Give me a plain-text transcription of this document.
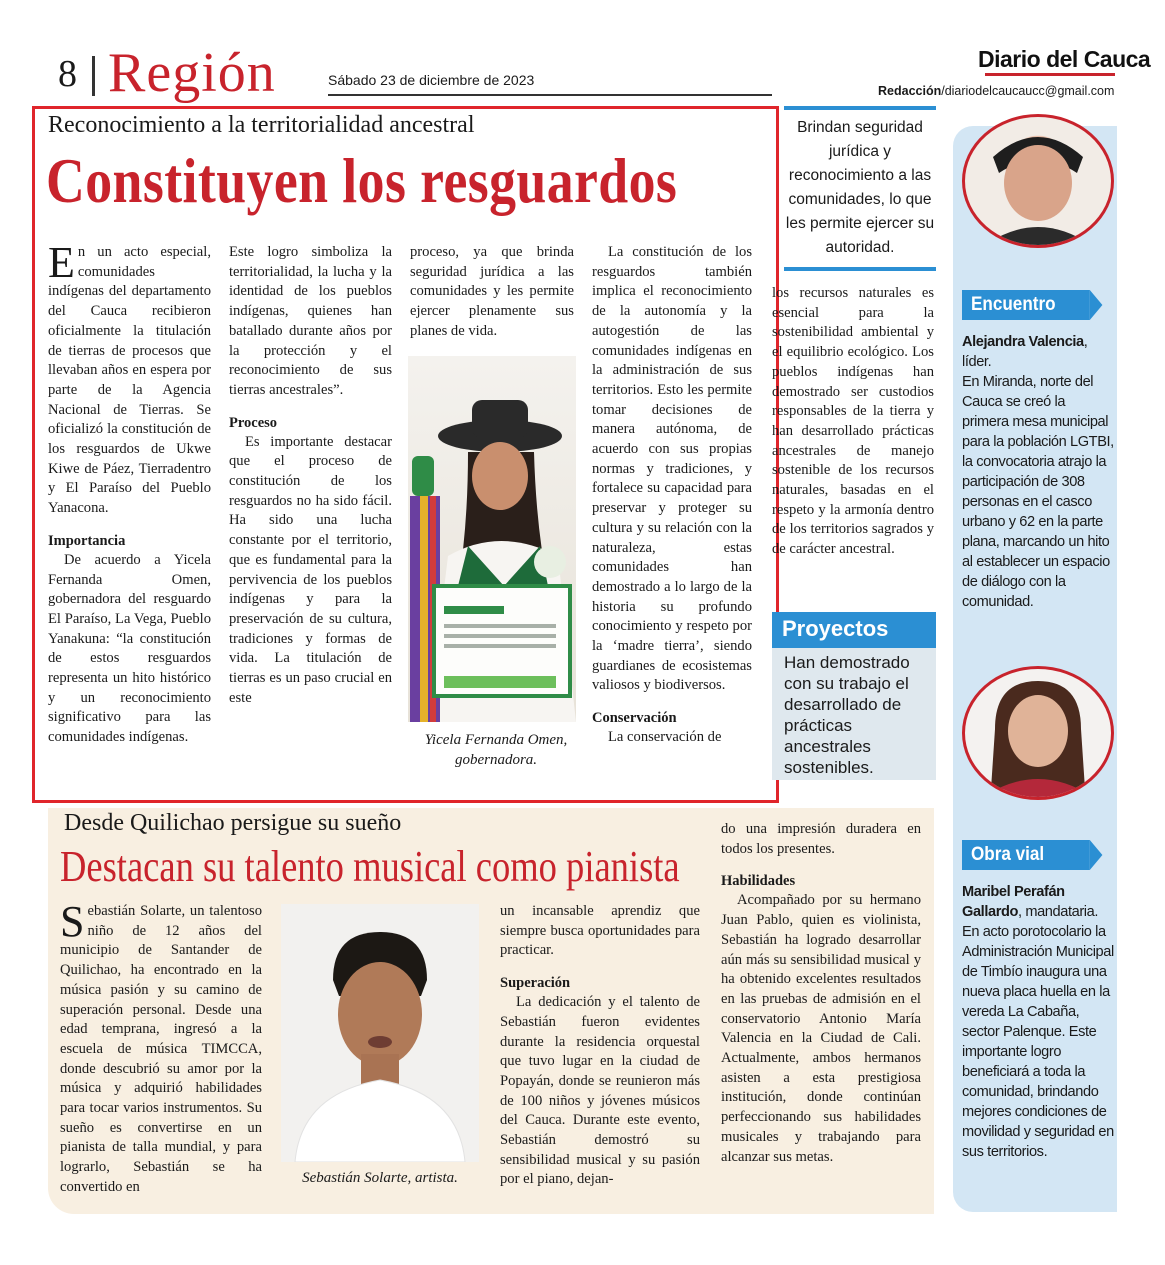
8 Región	Sábado 23 de diciembre de 2023
Diario del Cauca
Redacción/diariodelcaucaucc@gmail.com
Reconocimiento a la territorialidad ancestral
Constituyen los resguardos

En un acto especial, comunidades indígenas del departamento del Cauca recibieron oficialmente la titulación de tierras de procesos que llevaban años en espera por parte de la Agencia Nacional de Tierras. Se oficializó la constitución de los resguardos de Ukwe Kiwe de Páez, Tierradentro y El Paraíso del Pueblo Yanacona.

Importancia

De acuerdo a Yicela Fernanda Omen, gobernadora del resguardo El Paraíso, La Vega, Pueblo Yanakuna: “la constitución de estos resguardos representa un hito histórico y un reconocimiento significativo para las comunidades indígenas.

Este logro simboliza la territorialidad, la lucha y la identidad de los pueblos indígenas, quienes han batallado durante años por la protección y el reconocimiento de sus tierras ancestrales”.

Proceso

Es importante destacar que el proceso de constitución de los resguardos no ha sido fácil. Ha sido una lucha constante por el territorio, que es fundamental para la pervivencia de los pueblos indígenas y para la preservación de su cultura, tradiciones y formas de vida. La titulación de tierras es un paso crucial en este

proceso, ya que brinda seguridad jurídica a las comunidades y les permite ejercer plenamente sus planes de vida.

Yicela Fernanda Omen, gobernadora.

La constitución de los resguardos también implica el reconocimiento de la autonomía y la autogestión de las comunidades indígenas en la administración de sus territorios. Esto les permite tomar decisiones de manera autónoma, de acuerdo con sus propias normas y tradiciones, y fortalece su capacidad para preservar y proteger su cultura y su relación con la naturaleza, estas comunidades han demostrado a lo largo de la historia su profundo conocimiento y respeto por la ‘madre tierra’, siendo guardianes de ecosistemas valiosos y biodiversos.

Conservación

La conservación de

Brindan seguridad jurídica y reconocimiento a las comunidades, lo que les permite ejercer su autoridad.

los recursos naturales es esencial para la sostenibilidad ambiental y el equilibrio ecológico. Los pueblos indígenas han demostrado ser custodios responsables de la tierra y han desarrollado prácticas ancestrales de manejo sostenible de los recursos naturales, basadas en el respeto y la armonía dentro de los territorios sagrados y de carácter ancestral.

Proyectos
Han demostrado con su trabajo el desarrollado de prácticas ancestrales sostenibles.
Encuentro
Alejandra Valencia, líder.
En Miranda, norte del Cauca se creó la primera mesa municipal para la población LGTBI, la convocatoria atrajo la participación de 308 personas en el casco urbano y 62 en la parte plana, marcando un hito al establecer un espacio de diálogo con la comunidad.
Obra vial
Maribel Perafán Gallardo, mandataria.
En acto porotocolario la Administración Municipal de Timbío inaugura una nueva placa huella en la vereda La Cabaña, sector Palenque. Este importante logro beneficiará a toda la comunidad, brindando mejores condiciones de movilidad y seguridad en sus territorios.
Desde Quilichao persigue su sueño
Destacan su talento musical como pianista

Sebastián Solarte, un talentoso niño de 12 años del municipio de Santander de Quilichao, ha encontrado en la música pasión y su camino de superación personal. Desde una edad temprana, ingresó a la escuela de música TIMCCA, donde descubrió su amor por la música y adquirió habilidades para tocar varios instrumentos. Su sueño es convertirse en un pianista de talla mundial, y para lograrlo, Sebastián se ha convertido en

Sebastián Solarte, artista.

un incansable aprendiz que siempre busca oportunidades para practicar.

Superación

La dedicación y el talento de Sebastián fueron evidentes durante la residencia orquestal que tuvo lugar en la ciudad de Popayán, donde se reunieron más de 100 niños y jóvenes músicos del Cauca. Durante este evento, Sebastián demostró su sensibilidad musical y su pasión por el piano, dejan-

do una impresión duradera en todos los presentes.

Habilidades

Acompañado por su hermano Juan Pablo, quien es violinista, Sebastián ha logrado desarrollar aún más su sensibilidad musical y ha obtenido excelentes resultados en las pruebas de admisión en el conservatorio Antonio María Valencia en la Ciudad de Cali. Actualmente, ambos hermanos asisten a esta prestigiosa institución, donde continúan perfeccionando sus habilidades musicales y trabajando para alcanzar sus metas.
